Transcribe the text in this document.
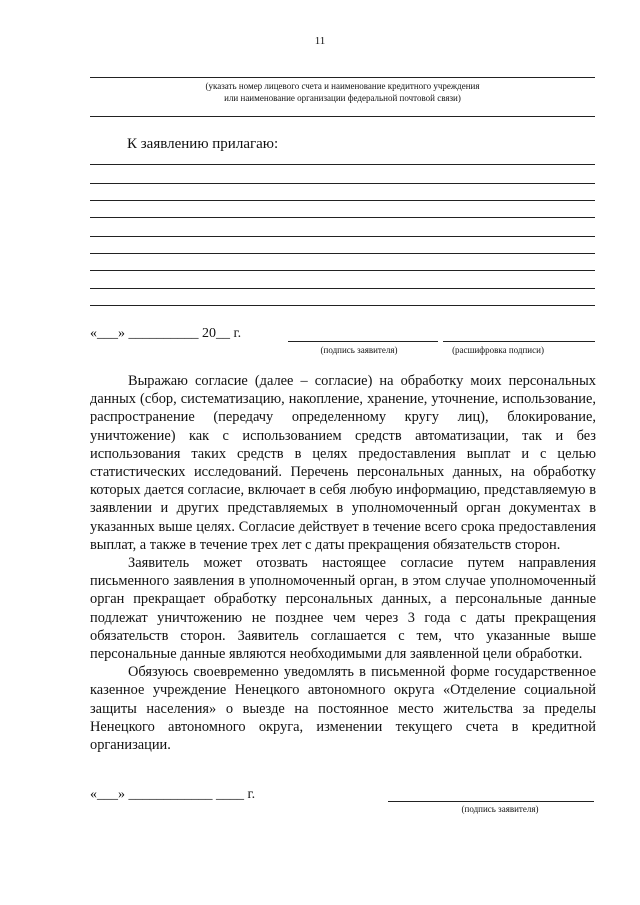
11
(указать номер лицевого счета и наименование кредитного учреждения
или наименование организации федеральной почтовой связи)
К заявлению прилагаю:
«___» __________ 20__ г.
(подпись заявителя)	(расшифровка подписи)

Выражаю согласие (далее – согласие) на обработку моих персональных данных (сбор, систематизацию, накопление, хранение, уточнение, использование, распространение (передачу определенному кругу лиц), блокирование, уничтожение) как с использованием средств автоматизации, так и без использования таких средств в целях предоставления выплат и с целью статистических исследований. Перечень персональных данных, на обработку которых дается согласие, включает в себя любую информацию, представляемую в заявлении и других представляемых в уполномоченный орган документах в указанных выше целях. Согласие действует в течение всего срока предоставления выплат, а также в течение трех лет с даты прекращения обязательств сторон.

Заявитель может отозвать настоящее согласие путем направления письменного заявления в уполномоченный орган, в этом случае уполномоченный орган прекращает обработку персональных данных, а персональные данные подлежат уничтожению не позднее чем через 3 года с даты прекращения обязательств сторон. Заявитель соглашается с тем, что указанные выше персональные данные являются необходимыми для заявленной цели обработки.

Обязуюсь своевременно уведомлять в письменной форме государственное казенное учреждение Ненецкого автономного округа «Отделение социальной защиты населения» о выезде на постоянное место жительства за пределы Ненецкого автономного округа, изменении текущего счета в кредитной организации.

«___» ____________ ____ г.
(подпись заявителя)
